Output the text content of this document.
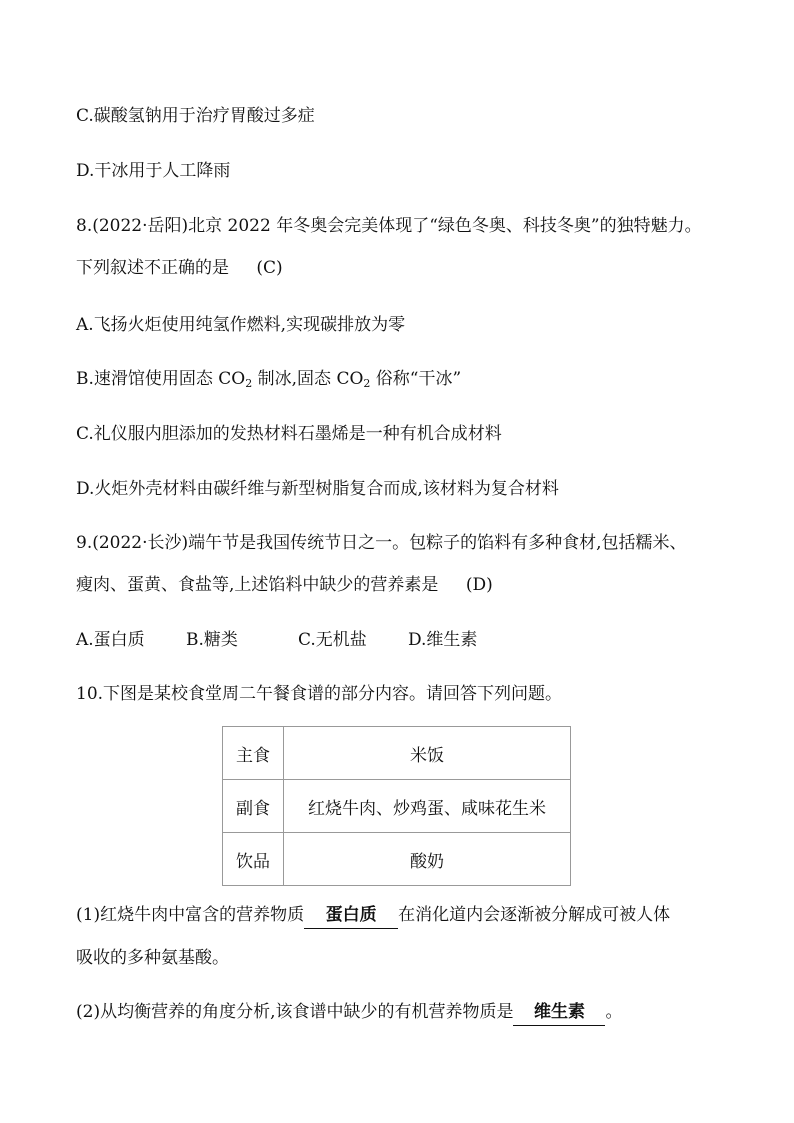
C.碳酸氢钠用于治疗胃酸过多症
D.干冰用于人工降雨
8.(2022·岳阳)北京 2022 年冬奥会完美体现了“绿色冬奥、科技冬奥”的独特魅力。
下列叙述不正确的是 (C)
A.飞扬火炬使用纯氢作燃料,实现碳排放为零
B.速滑馆使用固态 $CO_2$ 制冰,固态 $CO_2$ 俗称“干冰”
C.礼仪服内胆添加的发热材料石墨烯是一种有机合成材料
D.火炬外壳材料由碳纤维与新型树脂复合而成,该材料为复合材料
9.(2022·长沙)端午节是我国传统节日之一。包粽子的馅料有多种食材,包括糯米、
瘦肉、蛋黄、食盐等,上述馅料中缺少的营养素是 (D)
A.蛋白质 B.糖类	C.无机盐 D.维生素
10.下图是某校食堂周二午餐食谱的部分内容。请回答下列问题。
主食	米饭
副食	红烧牛肉、炒鸡蛋、咸味花生米
饮品	酸奶
(1)红烧牛肉中富含的营养物质 蛋白质 在消化道内会逐渐被分解成可被人体
吸收的多种氨基酸。
(2)从均衡营养的角度分析,该食谱中缺少的有机营养物质是 维生素 。
